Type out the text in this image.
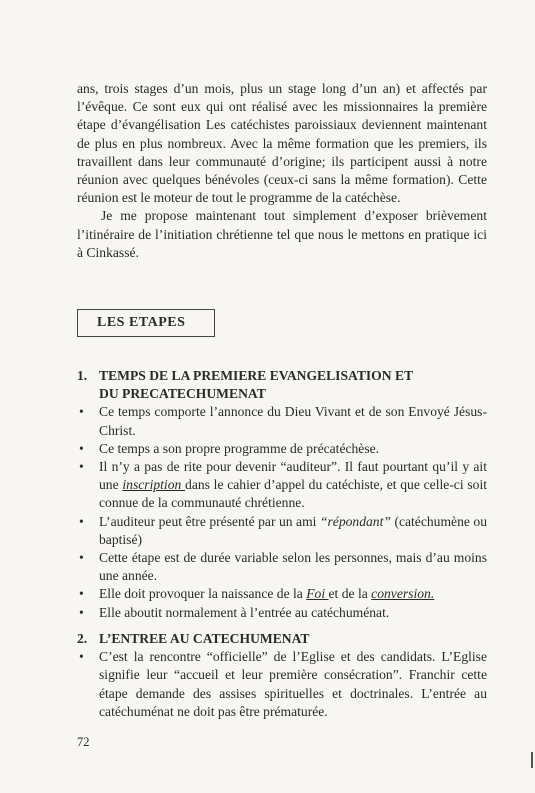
ans, trois stages d’un mois, plus un stage long d’un an) et affectés par l’évêque. Ce sont eux qui ont réalisé avec les missionnaires la première étape d’évangélisation Les catéchistes paroissiaux deviennent maintenant de plus en plus nombreux. Avec la même formation que les premiers, ils travaillent dans leur communauté d’origine; ils participent aussi à notre réunion avec quelques bénévoles (ceux-ci sans la même formation). Cette réunion est le moteur de tout le programme de la catéchèse.

Je me propose maintenant tout simplement d’exposer brièvement l’itinéraire de l’initiation chrétienne tel que nous le mettons en pratique ici à Cinkassé.

LES ETAPES
1. TEMPS DE LA PREMIERE EVANGELISATION ET
DU PRECATECHUMENAT
• Ce temps comporte l’annonce du Dieu Vivant et de son Envoyé Jésus-Christ.
• Ce temps a son propre programme de précatéchèse.
• Il n’y a pas de rite pour devenir “auditeur”. Il faut pourtant qu’il y ait une inscription dans le cahier d’appel du catéchiste, et que celle-ci soit connue de la communauté chrétienne.
• L’auditeur peut être présenté par un ami “répondant” (catéchumène ou baptisé)
• Cette étape est de durée variable selon les personnes, mais d’au moins une année.
• Elle doit provoquer la naissance de la Foi et de la conversion.
• Elle aboutit normalement à l’entrée au catéchuménat.
2. L’ENTREE AU CATECHUMENAT
• C’est la rencontre “officielle” de l’Eglise et des candidats. L’Eglise signifie leur “accueil et leur première consécration”. Franchir cette étape demande des assises spirituelles et doctrinales. L’entrée au catéchuménat ne doit pas être prématurée.
72
